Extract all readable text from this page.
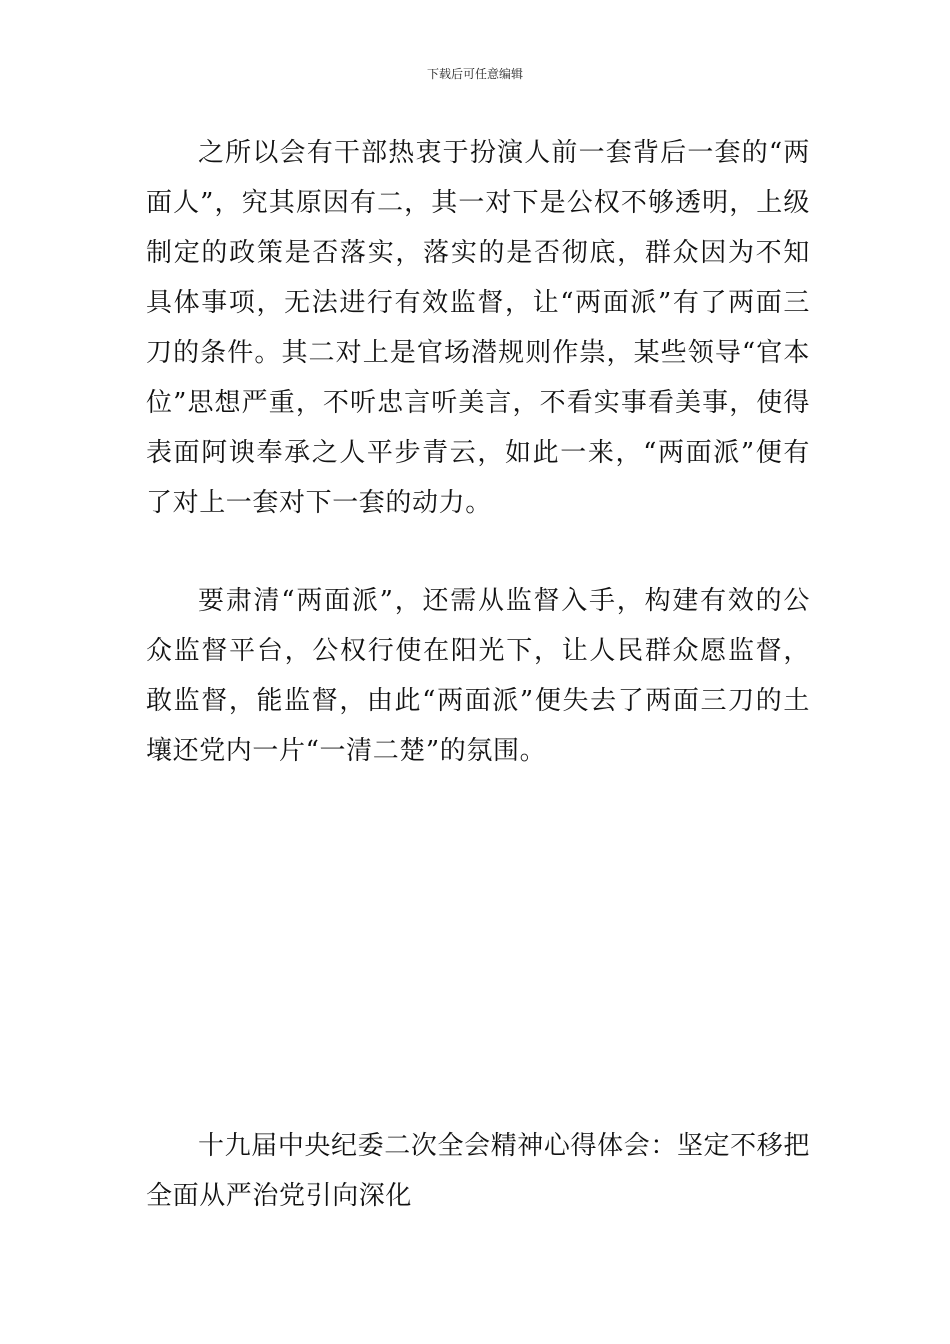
下载后可任意编辑

之所以会有干部热衷于扮演人前一套背后一套的“两面人”，究其原因有二，其一对下是公权不够透明，上级制定的政策是否落实，落实的是否彻底，群众因为不知具体事项，无法进行有效监督，让“两面派”有了两面三刀的条件。其二对上是官场潜规则作祟，某些领导“官本位”思想严重，不听忠言听美言，不看实事看美事，使得表面阿谀奉承之人平步青云，如此一来，“两面派”便有了对上一套对下一套的动力。

要肃清“两面派”，还需从监督入手，构建有效的公众监督平台，公权行使在阳光下，让人民群众愿监督，敢监督，能监督，由此“两面派”便失去了两面三刀的土壤还党内一片“一清二楚”的氛围。

十九届中央纪委二次全会精神心得体会：坚定不移把全面从严治党引向深化
